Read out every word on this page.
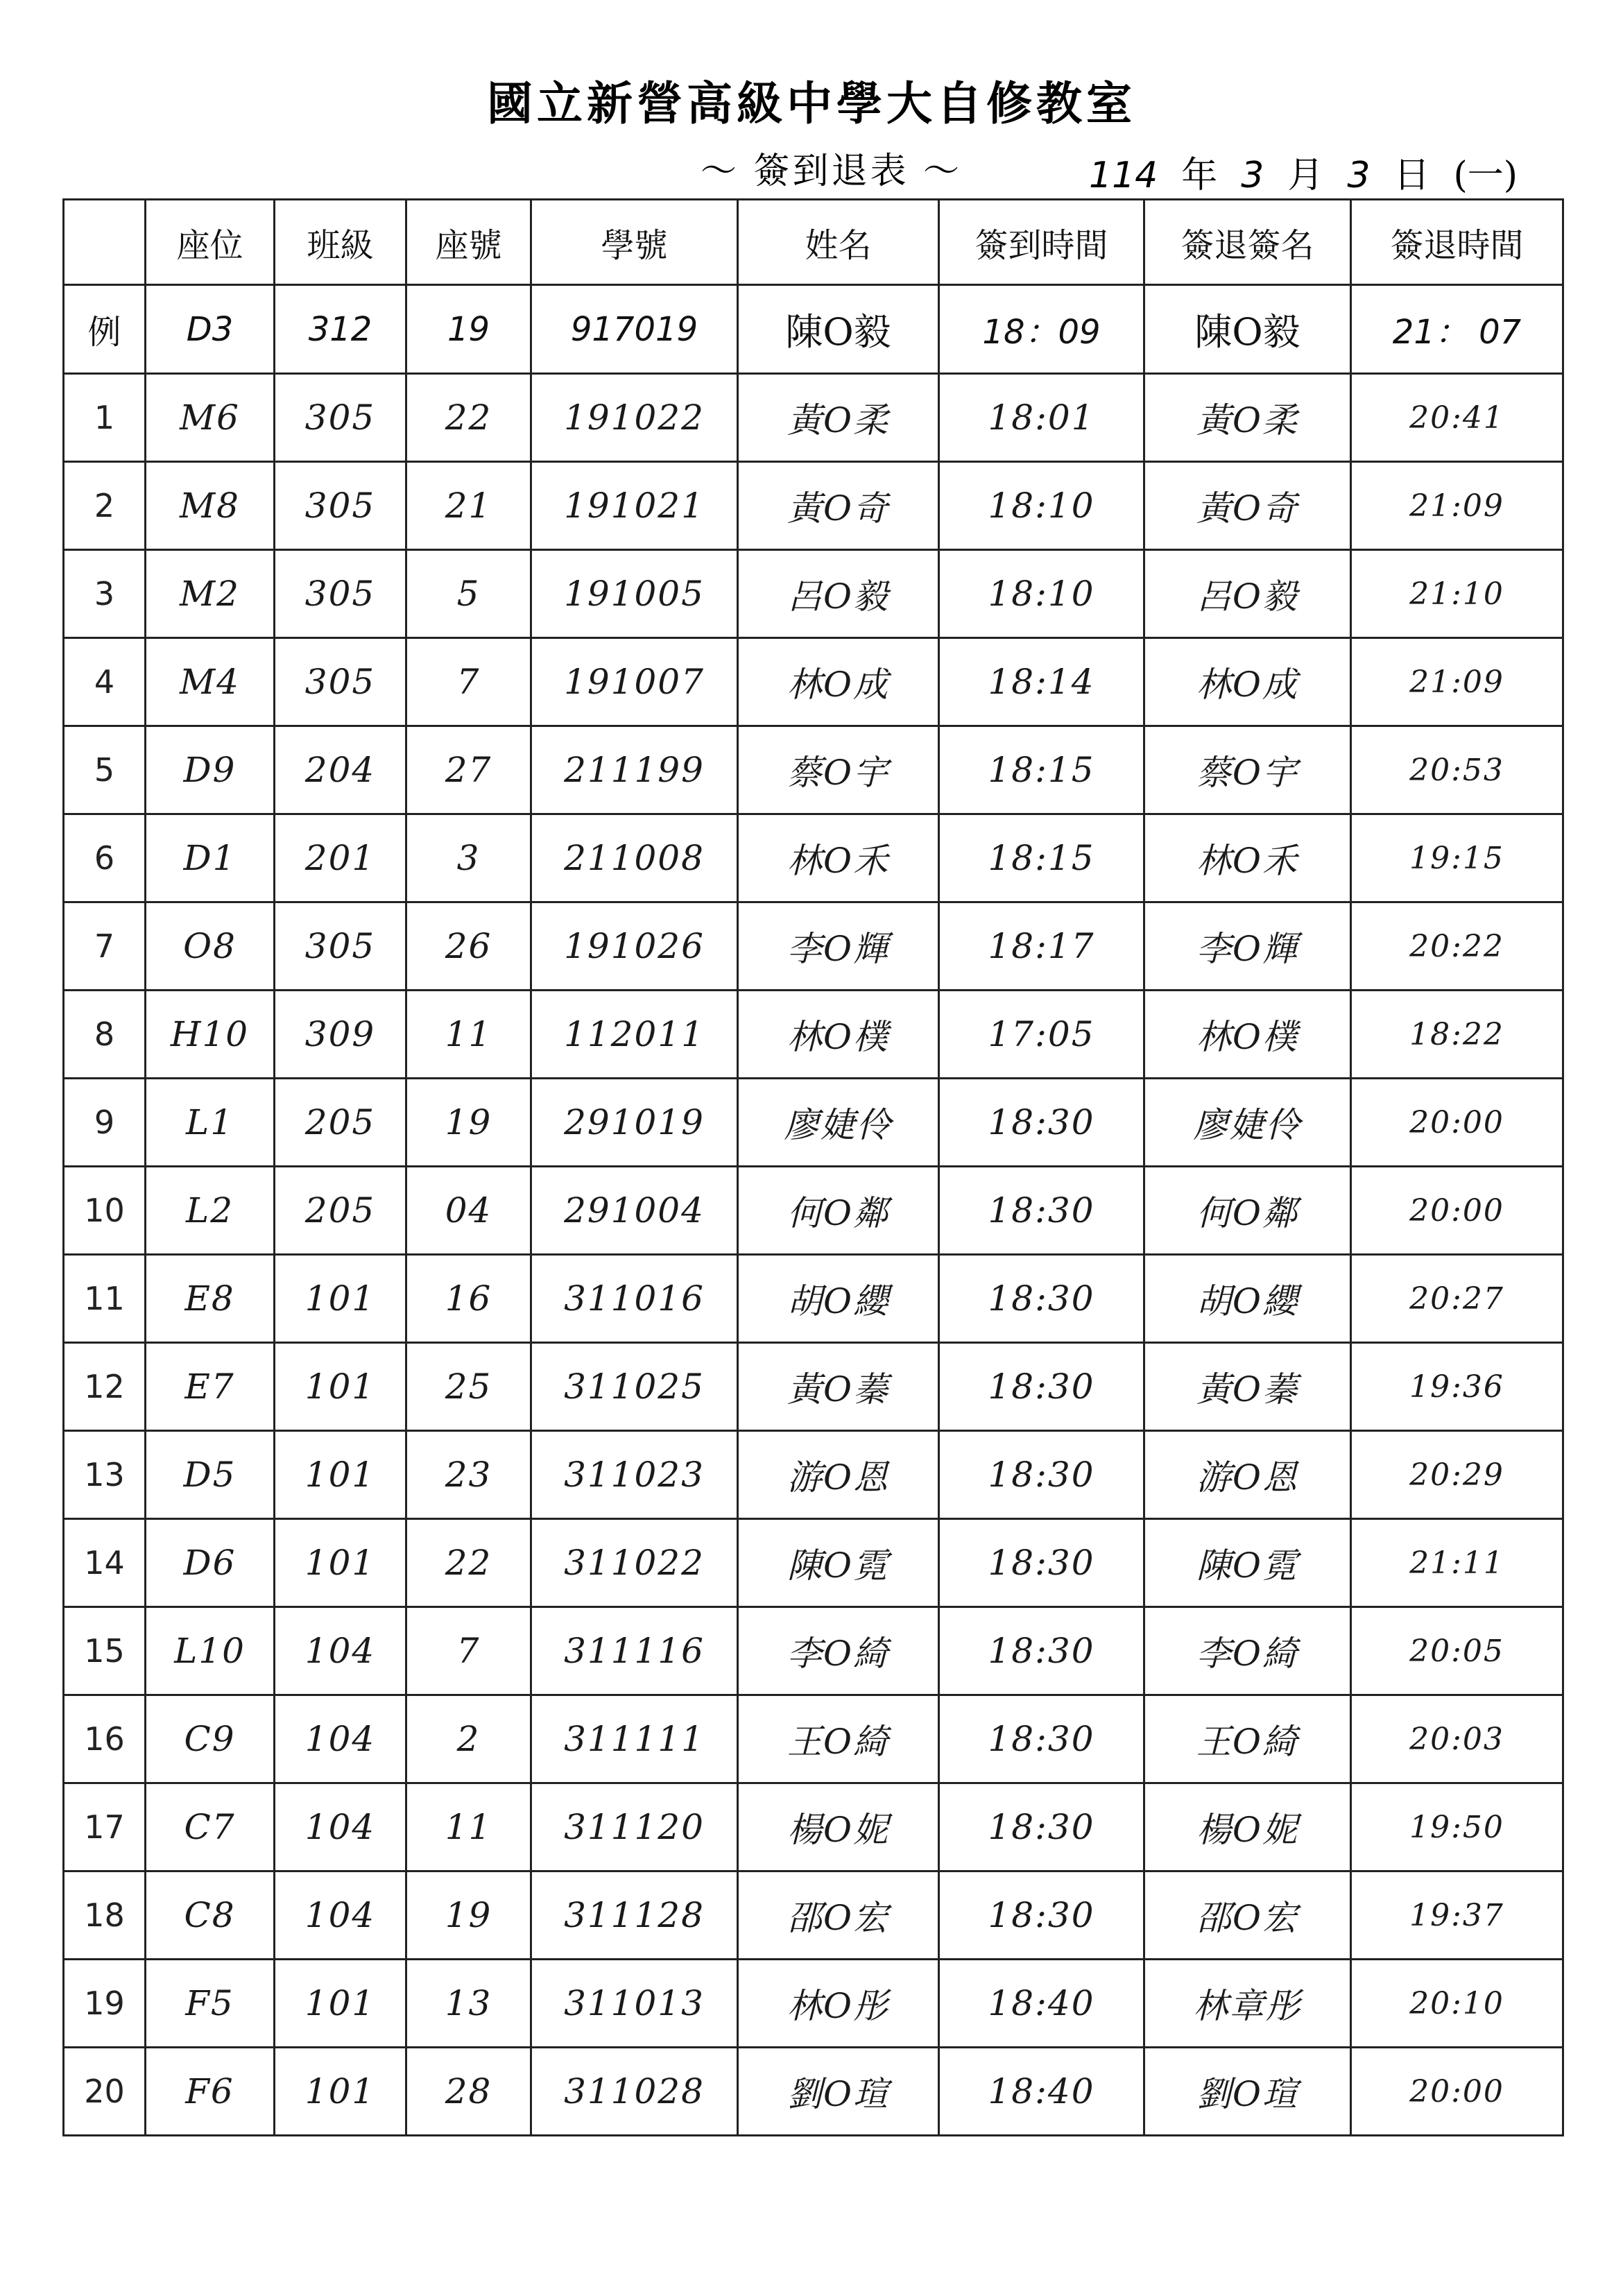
國立新營高級中學大自修教室
～ 簽到退表 ～	114 年 3 月 3 日 (一)
	座位	班級	座號	學號	姓名	簽到時間	簽退簽名	簽退時間
例	D3	312	19	917019	陳O毅	18：09	陳O毅	21： 07
1	M6	305	22	191022	黃O柔	18:01	黃O柔	20:41
2	M8	305	21	191021	黃O奇	18:10	黃O奇	21:09
3	M2	305	5	191005	呂O毅	18:10	呂O毅	21:10
4	M4	305	7	191007	林O成	18:14	林O成	21:09
5	D9	204	27	211199	蔡O宇	18:15	蔡O宇	20:53
6	D1	201	3	211008	林O禾	18:15	林O禾	19:15
7	O8	305	26	191026	李O輝	18:17	李O輝	20:22
8	H10	309	11	112011	林O樸	17:05	林O樸	18:22
9	L1	205	19	291019	廖婕伶	18:30	廖婕伶	20:00
10	L2	205	04	291004	何O鄰	18:30	何O鄰	20:00
11	E8	101	16	311016	胡O纓	18:30	胡O纓	20:27
12	E7	101	25	311025	黃O蓁	18:30	黃O蓁	19:36
13	D5	101	23	311023	游O恩	18:30	游O恩	20:29
14	D6	101	22	311022	陳O霓	18:30	陳O霓	21:11
15	L10	104	7	311116	李O綺	18:30	李O綺	20:05
16	C9	104	2	311111	王O綺	18:30	王O綺	20:03
17	C7	104	11	311120	楊O妮	18:30	楊O妮	19:50
18	C8	104	19	311128	邵O宏	18:30	邵O宏	19:37
19	F5	101	13	311013	林O彤	18:40	林章彤	20:10
20	F6	101	28	311028	劉O瑄	18:40	劉O瑄	20:00
